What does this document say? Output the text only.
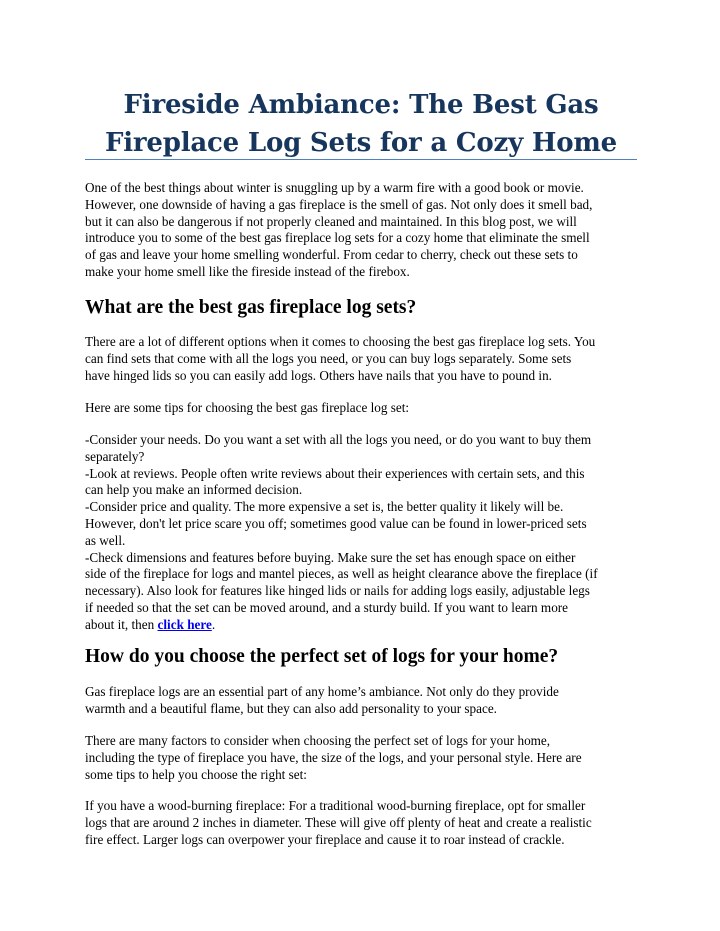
Fireside Ambiance: The Best Gas
Fireplace Log Sets for a Cozy Home

One of the best things about winter is snuggling up by a warm fire with a good book or movie.
However, one downside of having a gas fireplace is the smell of gas. Not only does it smell bad,
but it can also be dangerous if not properly cleaned and maintained. In this blog post, we will
introduce you to some of the best gas fireplace log sets for a cozy home that eliminate the smell
of gas and leave your home smelling wonderful. From cedar to cherry, check out these sets to
make your home smell like the fireside instead of the firebox.

What are the best gas fireplace log sets?

There are a lot of different options when it comes to choosing the best gas fireplace log sets. You
can find sets that come with all the logs you need, or you can buy logs separately. Some sets
have hinged lids so you can easily add logs. Others have nails that you have to pound in.

Here are some tips for choosing the best gas fireplace log set:

-Consider your needs. Do you want a set with all the logs you need, or do you want to buy them
separately?
-Look at reviews. People often write reviews about their experiences with certain sets, and this
can help you make an informed decision.
-Consider price and quality. The more expensive a set is, the better quality it likely will be.
However, don't let price scare you off; sometimes good value can be found in lower-priced sets
as well.
-Check dimensions and features before buying. Make sure the set has enough space on either
side of the fireplace for logs and mantel pieces, as well as height clearance above the fireplace (if
necessary). Also look for features like hinged lids or nails for adding logs easily, adjustable legs
if needed so that the set can be moved around, and a sturdy build. If you want to learn more
about it, then click here.

How do you choose the perfect set of logs for your home?

Gas fireplace logs are an essential part of any home’s ambiance. Not only do they provide
warmth and a beautiful flame, but they can also add personality to your space.

There are many factors to consider when choosing the perfect set of logs for your home,
including the type of fireplace you have, the size of the logs, and your personal style. Here are
some tips to help you choose the right set:

If you have a wood-burning fireplace: For a traditional wood-burning fireplace, opt for smaller
logs that are around 2 inches in diameter. These will give off plenty of heat and create a realistic
fire effect. Larger logs can overpower your fireplace and cause it to roar instead of crackle.
